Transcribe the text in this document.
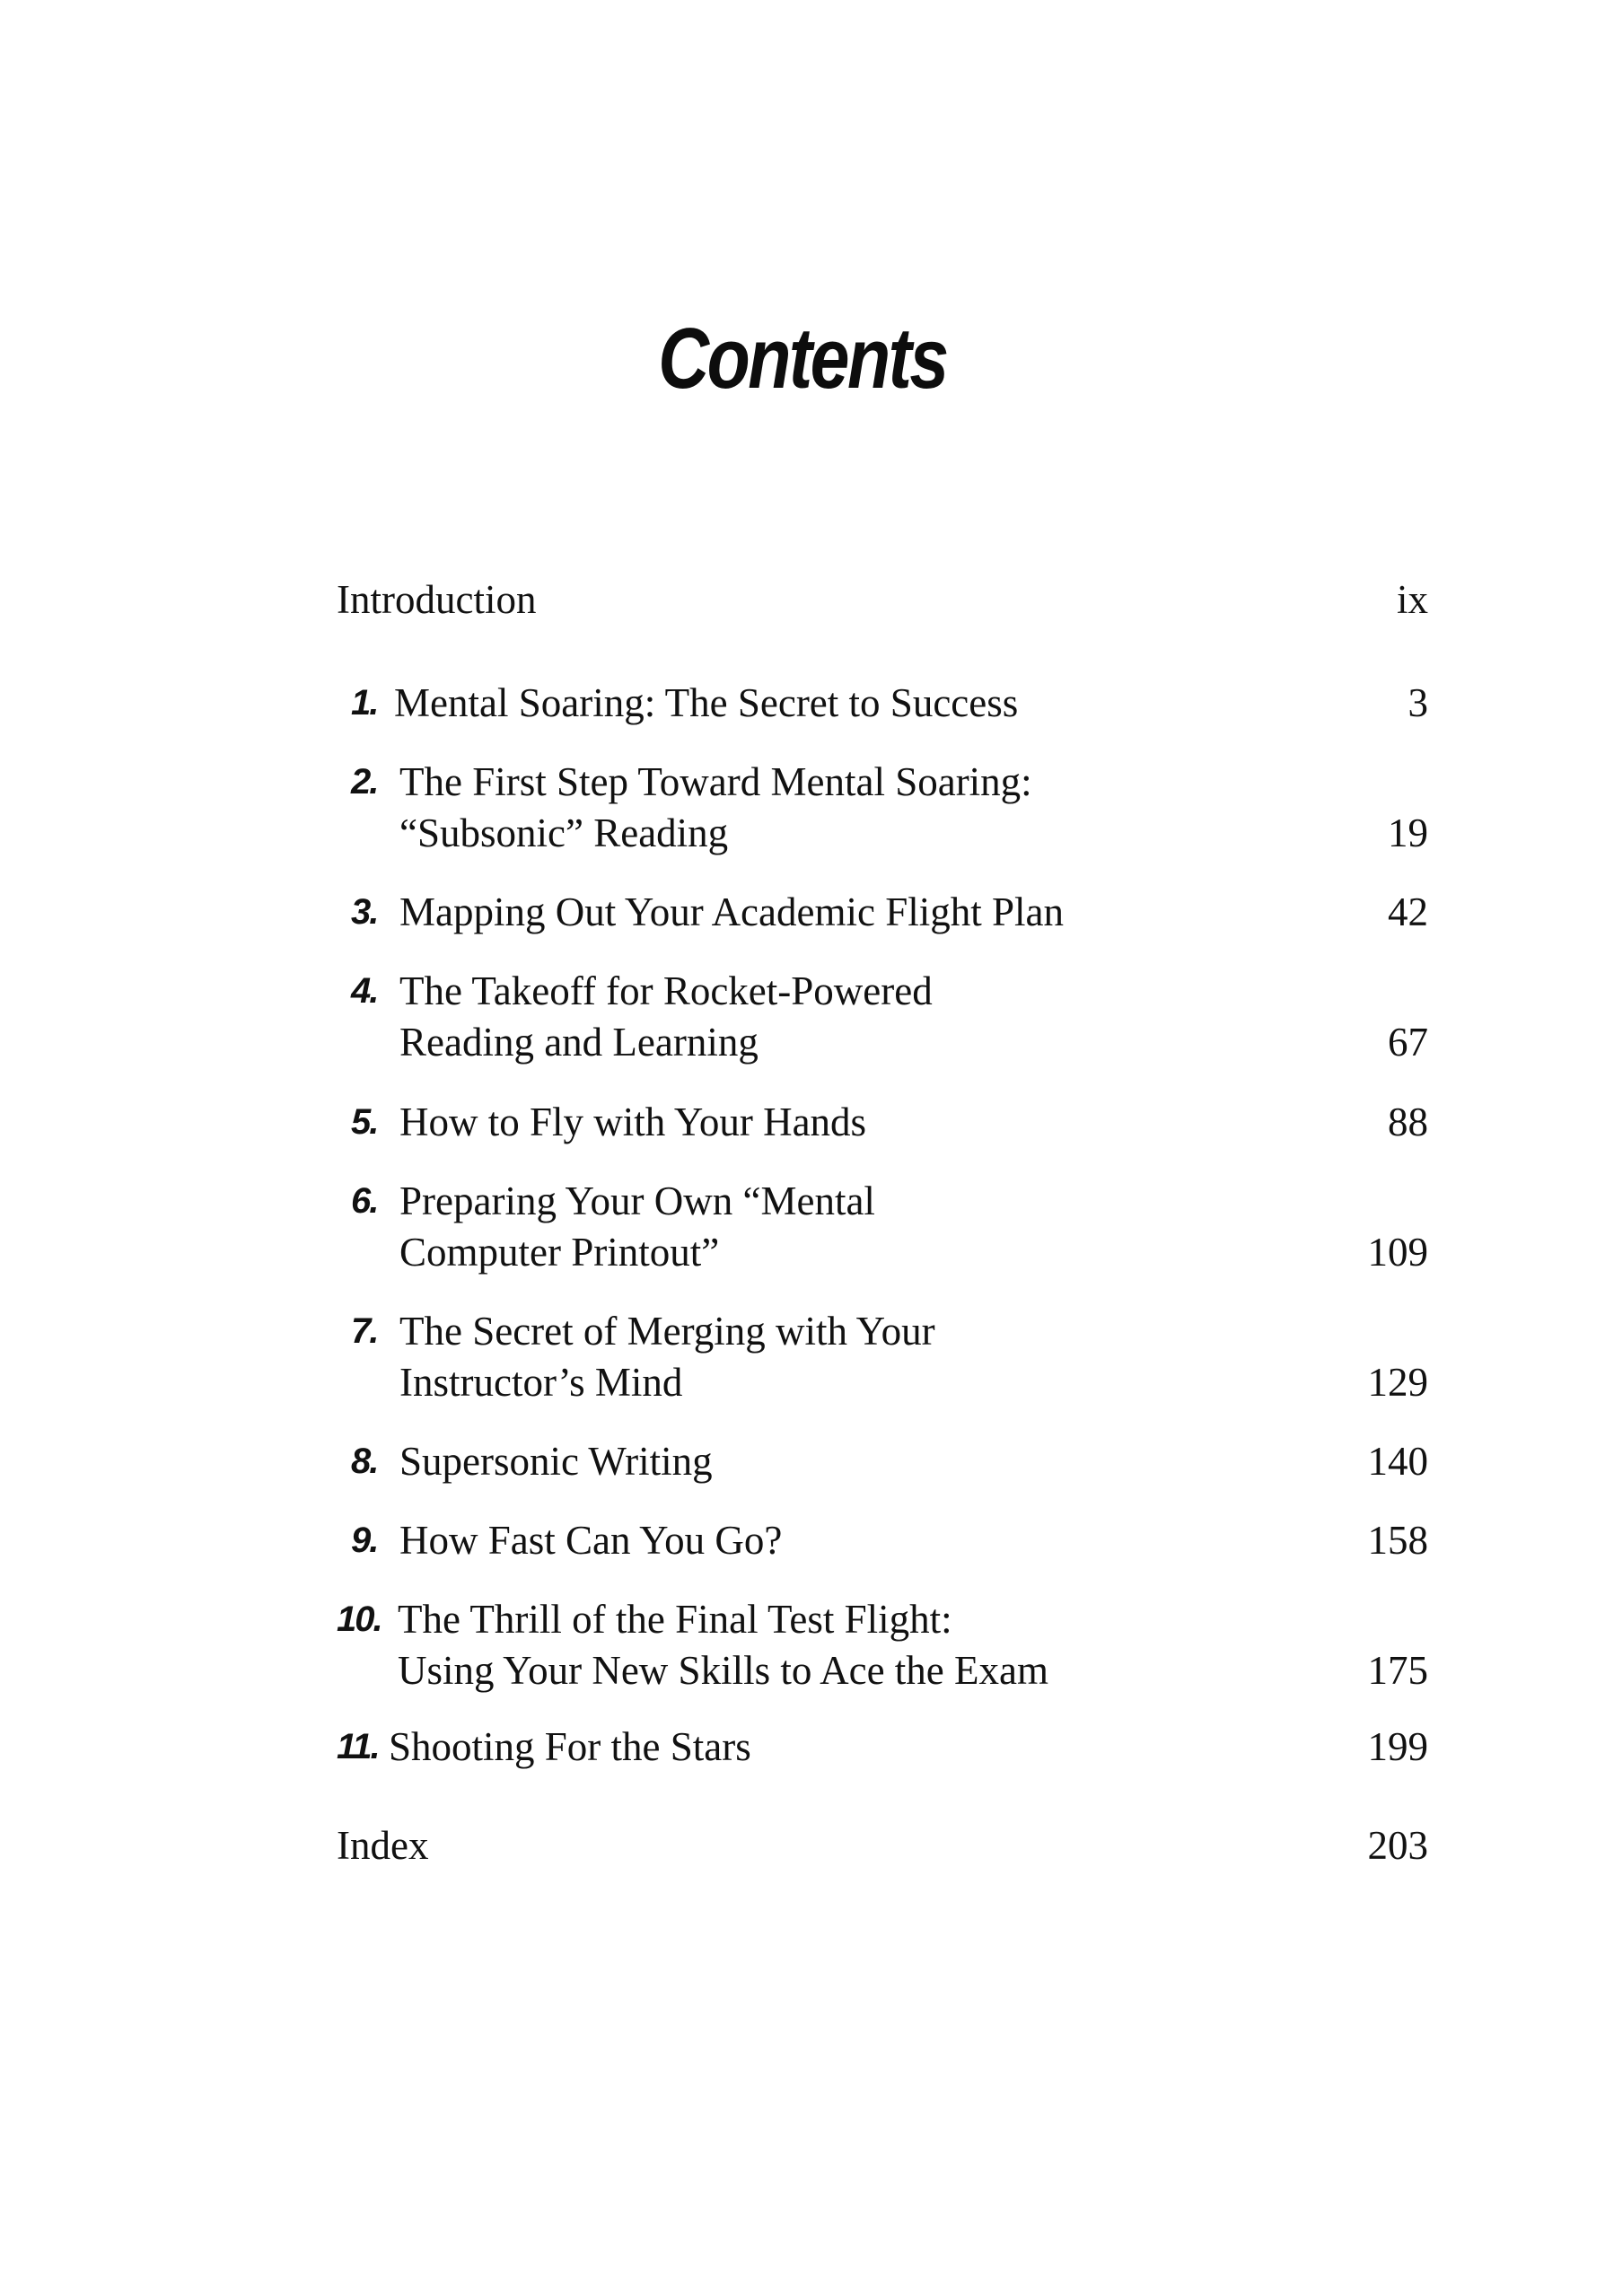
Contents
Introduction	ix
1. Mental Soaring: The Secret to Success	3
2. The First Step Toward Mental Soaring:
“Subsonic” Reading	19
3. Mapping Out Your Academic Flight Plan	42
4. The Takeoff for Rocket-Powered
Reading and Learning	67
5. How to Fly with Your Hands	88
6. Preparing Your Own “Mental
Computer Printout”	109
7. The Secret of Merging with Your
Instructor’s Mind	129
8. Supersonic Writing	140
9. How Fast Can You Go?	158
10. The Thrill of the Final Test Flight:
Using Your New Skills to Ace the Exam	175
11. Shooting For the Stars	199
Index	203
